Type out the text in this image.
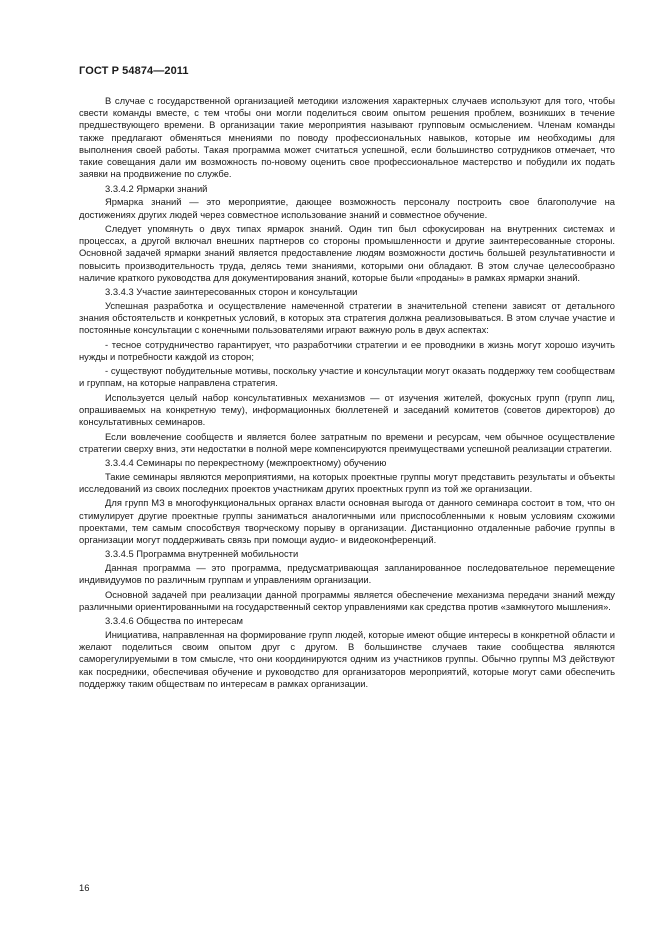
ГОСТ Р 54874—2011

В случае с государственной организацией методики изложения характерных случаев используют для того, чтобы свести команды вместе, с тем чтобы они могли поделиться своим опытом решения проблем, возникших в течение предшествующего времени. В организации такие мероприятия называют групповым осмыслением. Членам команды также предлагают обменяться мнениями по поводу профессиональных навыков, которые им необходимы для выполнения своей работы. Такая программа может считаться успешной, если большинство сотрудников отмечает, что такие совещания дали им возможность по-новому оценить свое профессиональное мастерство и побудили их подать заявки на продвижение по службе.

3.3.4.2 Ярмарки знаний

Ярмарка знаний — это мероприятие, дающее возможность персоналу построить свое благополучие на достижениях других людей через совместное использование знаний и совместное обучение.

Следует упомянуть о двух типах ярмарок знаний. Один тип был сфокусирован на внутренних системах и процессах, а другой включал внешних партнеров со стороны промышленности и другие заинтересованные стороны. Основной задачей ярмарки знаний является предоставление людям возможности достичь большей результативности и повысить производительность труда, делясь теми знаниями, которыми они обладают. В этом случае целесообразно наличие краткого руководства для документирования знаний, которые были «проданы» в рамках ярмарки знаний.

3.3.4.3 Участие заинтересованных сторон и консультации

Успешная разработка и осуществление намеченной стратегии в значительной степени зависят от детального знания обстоятельств и конкретных условий, в которых эта стратегия должна реализовываться. В этом случае участие и постоянные консультации с конечными пользователями играют важную роль в двух аспектах:

- тесное сотрудничество гарантирует, что разработчики стратегии и ее проводники в жизнь могут хорошо изучить нужды и потребности каждой из сторон;

- существуют побудительные мотивы, поскольку участие и консультации могут оказать поддержку тем сообществам и группам, на которые направлена стратегия.

Используется целый набор консультативных механизмов — от изучения жителей, фокусных групп (групп лиц, опрашиваемых на конкретную тему), информационных бюллетеней и заседаний комитетов (советов директоров) до консультативных семинаров.

Если вовлечение сообществ и является более затратным по времени и ресурсам, чем обычное осуществление стратегии сверху вниз, эти недостатки в полной мере компенсируются преимуществами успешной реализации стратегии.

3.3.4.4 Семинары по перекрестному (межпроектному) обучению

Такие семинары являются мероприятиями, на которых проектные группы могут представить результаты и объекты исследований из своих последних проектов участникам других проектных групп из той же организации.

Для групп МЗ в многофункциональных органах власти основная выгода от данного семинара состоит в том, что он стимулирует другие проектные группы заниматься аналогичными или приспособленными к новым условиям схожими проектами, тем самым способствуя творческому порыву в организации. Дистанционно отдаленные рабочие группы в организации могут поддерживать связь при помощи аудио- и видеоконференций.

3.3.4.5 Программа внутренней мобильности

Данная программа — это программа, предусматривающая запланированное последовательное перемещение индивидуумов по различным группам и управлениям организации.

Основной задачей при реализации данной программы является обеспечение механизма передачи знаний между различными ориентированными на государственный сектор управлениями как средства против «замкнутого мышления».

3.3.4.6 Общества по интересам

Инициатива, направленная на формирование групп людей, которые имеют общие интересы в конкретной области и желают поделиться своим опытом друг с другом. В большинстве случаев такие сообщества являются саморегулируемыми в том смысле, что они координируются одним из участников группы. Обычно группы МЗ действуют как посредники, обеспечивая обучение и руководство для организаторов мероприятий, которые могут сами обеспечить поддержку таким обществам по интересам в рамках организации.

16
